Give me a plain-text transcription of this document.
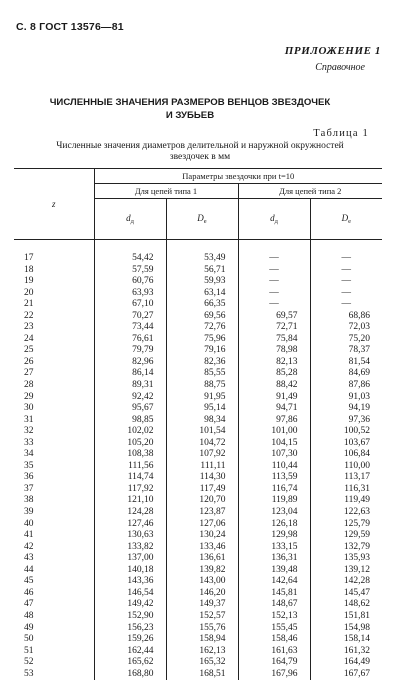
С. 8 ГОСТ 13576—81
ПРИЛОЖЕНИЕ 1
Справочное
ЧИСЛЕННЫЕ ЗНАЧЕНИЯ РАЗМЕРОВ ВЕНЦОВ ЗВЕЗДОЧЕК
И ЗУБЬЕВ
Таблица 1
Численные значения диаметров делительной и наружной окружностей
звездочек в мм
z	Параметры звездочки при t=10			
	Для цепей типа 1		Для цепей типа 2	
	$d_д$	$D_e$	$d_д$	$D_e$
17	54,42	53,49	—	—
18	57,59	56,71	—	—
19	60,76	59,93	—	—
20	63,93	63,14	—	—
21	67,10	66,35	—	—
22	70,27	69,56	69,57	68,86
23	73,44	72,76	72,71	72,03
24	76,61	75,96	75,84	75,20
25	79,79	79,16	78,98	78,37
26	82,96	82,36	82,13	81,54
27	86,14	85,55	85,28	84,69
28	89,31	88,75	88,42	87,86
29	92,42	91,95	91,49	91,03
30	95,67	95,14	94,71	94,19
31	98,85	98,34	97,86	97,36
32	102,02	101,54	101,00	100,52
33	105,20	104,72	104,15	103,67
34	108,38	107,92	107,30	106,84
35	111,56	111,11	110,44	110,00
36	114,74	114,30	113,59	113,17
37	117,92	117,49	116,74	116,31
38	121,10	120,70	119,89	119,49
39	124,28	123,87	123,04	122,63
40	127,46	127,06	126,18	125,79
41	130,63	130,24	129,98	129,59
42	133,82	133,46	133,15	132,79
43	137,00	136,61	136,31	135,93
44	140,18	139,82	139,48	139,12
45	143,36	143,00	142,64	142,28
46	146,54	146,20	145,81	145,47
47	149,42	149,37	148,67	148,62
48	152,90	152,57	152,13	151,81
49	156,23	155,76	155,45	154,98
50	159,26	158,94	158,46	158,14
51	162,44	162,13	161,63	161,32
52	165,62	165,32	164,79	164,49
53	168,80	168,51	167,96	167,67
